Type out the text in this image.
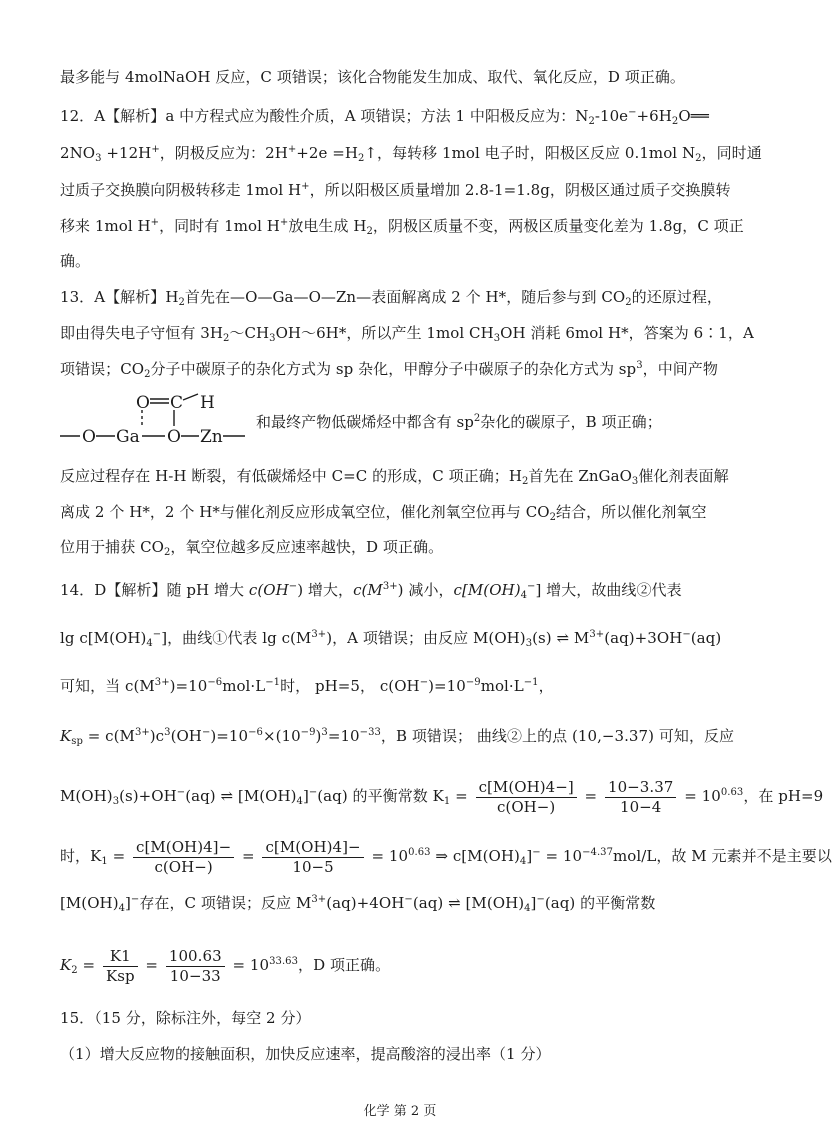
最多能与 4molNaOH 反应，C 项错误；该化合物能发生加成、取代、氧化反应，D 项正确。
12．A【解析】a 中方程式应为酸性介质，A 项错误；方法 1 中阳极反应为：$N_2-10e^-+6H_2O══$
$2NO_3 +12H^+$，阴极反应为：$2H^++2e =H_2↑$，每转移 1mol 电子时，阳极区反应 0.1mol $N_2$，同时通
过质子交换膜向阴极转移走 1mol H+，所以阳极区质量增加 2.8-1=1.8g，阴极区通过质子交换膜转
移来 1mol H+，同时有 1mol H+放电生成 $H_2$，阴极区质量不变，两极区质量变化差为 1.8g，C 项正
确。
13．A【解析】$H_2$首先在—O—Ga—O—Zn—表面解离成 2 个 H*，随后参与到 $CO_2$的还原过程，
即由得失电子守恒有 $3H_2\sim CH_3OH\sim 6H*$，所以产生 1mol $CH_3OH$ 消耗 6mol H*，答案为 6∶1，A
项错误；$CO_2$分子中碳原子的杂化方式为 sp 杂化，甲醇分子中碳原子的杂化方式为 $sp^3$，中间产物
O C H
O Ga O Zn
和最终产物低碳烯烃中都含有 $sp^2$杂化的碳原子，B 项正确；
反应过程存在 H-H 断裂，有低碳烯烃中 C=C 的形成，C 项正确；$H_2$首先在 ZnGaO$_3$催化剂表面解
离成 2 个 H*，2 个 H*与催化剂反应形成氧空位，催化剂氧空位再与 $CO_2$结合，所以催化剂氧空
位用于捕获 $CO_2$，氧空位越多反应速率越快，D 项正确。
14．D【解析】随 pH 增大 c(OH−) 增大，$c(M^{3+})$ 减小，$c[M(OH)_4^-]$ 增大，故曲线②代表
$\lg c[M(OH)_4^-]$，曲线①代表 $\lg c(M^{3+})$，A 项错误；由反应 $M(OH)_3(s)$ ⇌ $M^{3+}(aq)+3OH^-(aq)$
可知，当 $c(M^{3+})=10^{-6}mol\cdot L^{-1}$时， pH=5， $c(OH^-)=10^{-9}mol\cdot L^{-1}$，
$K_{sp} = c(M^{3+})c^3(OH^-)=10^{-6}\times(10^{-9})^3=10^{-33}$，B 项错误； 曲线②上的点 (10,−3.37) 可知，反应
$M(OH)_3(s)+OH^-(aq)$ ⇌ $[M(OH)_4]^-(aq)$ 的平衡常数 $K_1 = \frac{c[M(OH)4-]}{c(OH-)} = \frac{10-3.37}{10-4} = 10^{0.63}$，在 pH=9
时，$K_1 = \frac{c[M(OH)4]-}{c(OH-)} = \frac{c[M(OH)4]-}{10-5} = 10^{0.63}$ ⇒ $c[M(OH)_4]^- = 10^{-4.37}mol/L$，故 M 元素并不是主要以
$[M(OH)_4]^-$存在，C 项错误；反应 $M^{3+}(aq)+4OH^-(aq)$ ⇌ $[M(OH)_4]^-(aq)$ 的平衡常数
$K_2 = \frac{K1}{\text{Ksp}} = \frac{100.63}{10-33} = 10^{33.63}$，D 项正确。
15．（15 分，除标注外，每空 2 分）
（1）增大反应物的接触面积，加快反应速率，提高酸溶的浸出率（1 分）
化学 第 2 页
